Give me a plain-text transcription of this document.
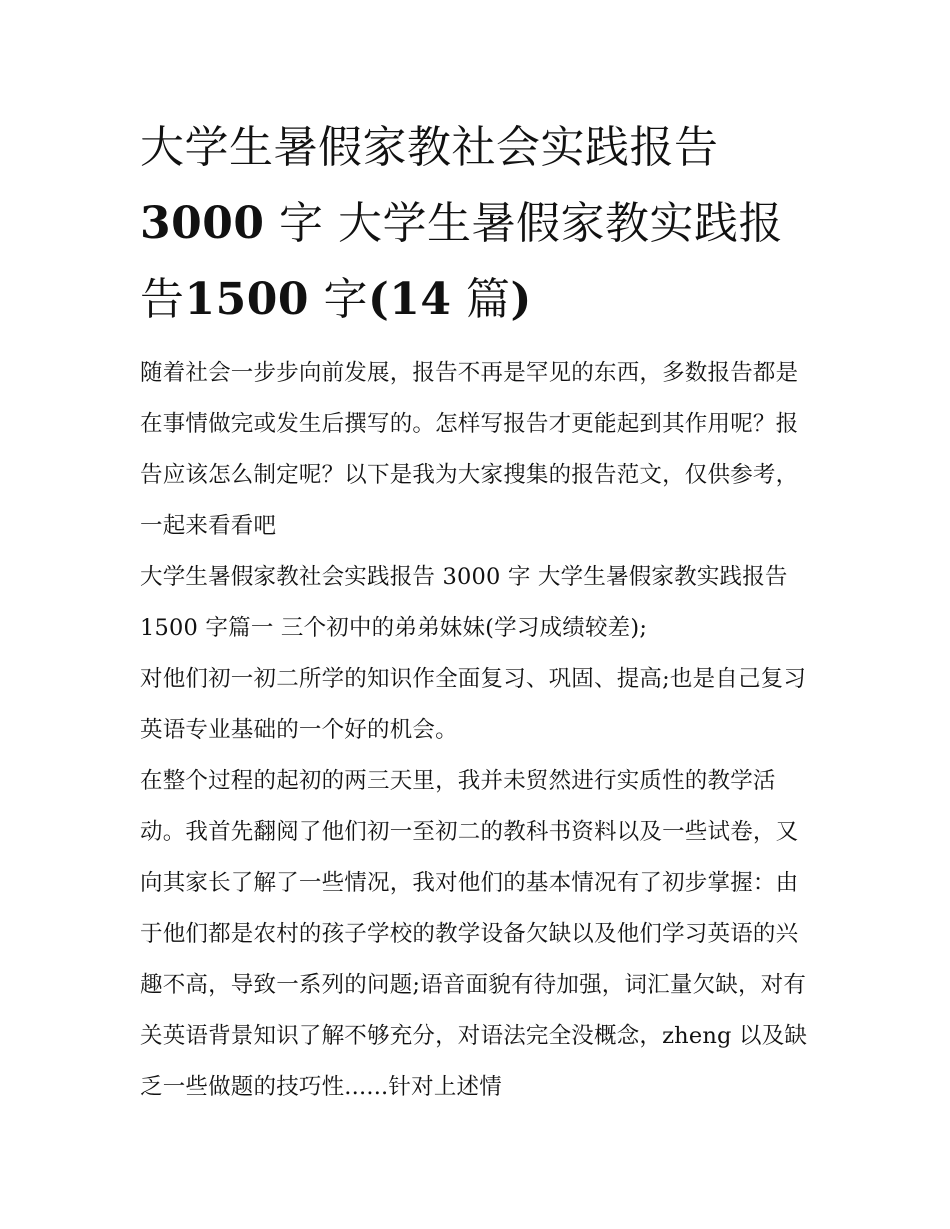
大学生暑假家教社会实践报告3000 字 大学生暑假家教实践报告1500 字(14 篇)

随着社会一步步向前发展，报告不再是罕见的东西，多数报告都是在事情做完或发生后撰写的。怎样写报告才更能起到其作用呢？报告应该怎么制定呢？以下是我为大家搜集的报告范文，仅供参考，一起来看看吧

大学生暑假家教社会实践报告 3000 字 大学生暑假家教实践报告 1500 字篇一 三个初中的弟弟妹妹(学习成绩较差);

对他们初一初二所学的知识作全面复习、巩固、提高;也是自己复习英语专业基础的一个好的机会。

在整个过程的起初的两三天里，我并未贸然进行实质性的教学活动。我首先翻阅了他们初一至初二的教科书资料以及一些试卷，又向其家长了解了一些情况，我对他们的基本情况有了初步掌握：由于他们都是农村的孩子学校的教学设备欠缺以及他们学习英语的兴趣不高，导致一系列的问题;语音面貌有待加强，词汇量欠缺，对有关英语背景知识了解不够充分，对语法完全没概念，zheng 以及缺乏一些做题的技巧性......针对上述情
